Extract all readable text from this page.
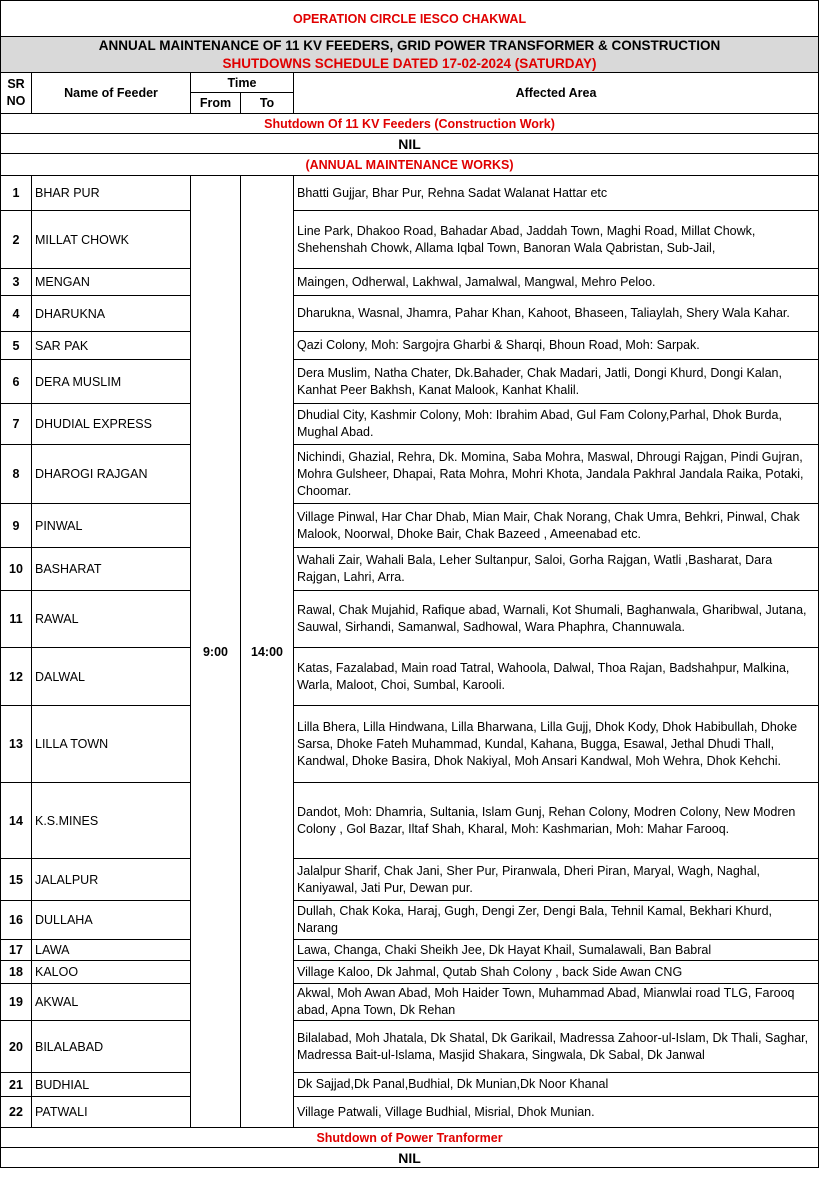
OPERATION CIRCLE IESCO CHAKWAL				
ANNUAL MAINTENANCE OF 11 KV FEEDERS, GRID POWER TRANSFORMER & CONSTRUCTION				
SHUTDOWNS SCHEDULE DATED 17-02-2024 (SATURDAY)				
SR
NO	Name of Feeder	Time		Affected Area
		From	To	
Shutdown Of 11 KV Feeders (Construction Work)				
NIL				
(ANNUAL MAINTENANCE WORKS)				
1	BHAR PUR	9:00	14:00	Bhatti Gujjar, Bhar Pur, Rehna Sadat Walanat Hattar etc
2	MILLAT CHOWK			Line Park, Dhakoo Road, Bahadar Abad, Jaddah Town, Maghi Road, Millat Chowk, Shehenshah Chowk, Allama Iqbal Town, Banoran Wala Qabristan, Sub-Jail,
3	MENGAN			Maingen, Odherwal, Lakhwal, Jamalwal, Mangwal, Mehro Peloo.
4	DHARUKNA			Dharukna, Wasnal, Jhamra, Pahar Khan, Kahoot, Bhaseen, Taliaylah, Shery Wala Kahar.
5	SAR PAK			Qazi Colony, Moh: Sargojra Gharbi & Sharqi, Bhoun Road, Moh: Sarpak.
6	DERA MUSLIM			Dera Muslim, Natha Chater, Dk.Bahader, Chak Madari, Jatli, Dongi Khurd, Dongi Kalan, Kanhat Peer Bakhsh, Kanat Malook, Kanhat Khalil.
7	DHUDIAL EXPRESS			Dhudial City, Kashmir Colony, Moh: Ibrahim Abad, Gul Fam Colony,Parhal, Dhok Burda, Mughal Abad.
8	DHAROGI RAJGAN			Nichindi, Ghazial, Rehra, Dk. Momina, Saba Mohra, Maswal, Dhrougi Rajgan, Pindi Gujran, Mohra Gulsheer, Dhapai, Rata Mohra, Mohri Khota, Jandala Pakhral Jandala Raika, Potaki, Choomar.
9	PINWAL			Village Pinwal, Har Char Dhab, Mian Mair, Chak Norang, Chak Umra, Behkri, Pinwal, Chak Malook, Noorwal, Dhoke Bair, Chak Bazeed , Ameenabad etc.
10	BASHARAT			Wahali Zair, Wahali Bala, Leher Sultanpur, Saloi, Gorha Rajgan, Watli ,Basharat, Dara Rajgan, Lahri, Arra.
11	RAWAL			Rawal, Chak Mujahid, Rafique abad, Warnali, Kot Shumali, Baghanwala, Gharibwal, Jutana, Sauwal, Sirhandi, Samanwal, Sadhowal, Wara Phaphra, Channuwala.
12	DALWAL			Katas, Fazalabad, Main road Tatral, Wahoola, Dalwal, Thoa Rajan, Badshahpur, Malkina, Warla, Maloot, Choi, Sumbal, Karooli.
13	LILLA TOWN			Lilla Bhera, Lilla Hindwana, Lilla Bharwana, Lilla Gujj, Dhok Kody, Dhok Habibullah, Dhoke Sarsa, Dhoke Fateh Muhammad, Kundal, Kahana, Bugga, Esawal, Jethal Dhudi Thall, Kandwal, Dhoke Basira, Dhok Nakiyal, Moh Ansari Kandwal, Moh Wehra, Dhok Kehchi.
14	K.S.MINES			Dandot, Moh: Dhamria, Sultania, Islam Gunj, Rehan Colony, Modren Colony, New Modren Colony , Gol Bazar, Iltaf Shah, Kharal, Moh: Kashmarian, Moh: Mahar Farooq.
15	JALALPUR			Jalalpur Sharif, Chak Jani, Sher Pur, Piranwala, Dheri Piran, Maryal, Wagh, Naghal, Kaniyawal, Jati Pur, Dewan pur.
16	DULLAHA			Dullah, Chak Koka, Haraj, Gugh, Dengi Zer, Dengi Bala, Tehnil Kamal, Bekhari Khurd, Narang
17	LAWA			Lawa, Changa, Chaki Sheikh Jee, Dk Hayat Khail, Sumalawali, Ban Babral
18	KALOO			Village Kaloo, Dk Jahmal, Qutab Shah Colony , back Side Awan CNG
19	AKWAL			Akwal, Moh Awan Abad, Moh Haider Town, Muhammad Abad, Mianwlai road TLG, Farooq abad, Apna Town, Dk Rehan
20	BILALABAD			Bilalabad, Moh Jhatala, Dk Shatal, Dk Garikail, Madressa Zahoor-ul-Islam, Dk Thali, Saghar, Madressa Bait-ul-Islama, Masjid Shakara, Singwala, Dk Sabal, Dk Janwal
21	BUDHIAL			Dk Sajjad,Dk Panal,Budhial, Dk Munian,Dk Noor Khanal
22	PATWALI			Village Patwali, Village Budhial, Misrial, Dhok Munian.
Shutdown of Power Tranformer				
NIL				
